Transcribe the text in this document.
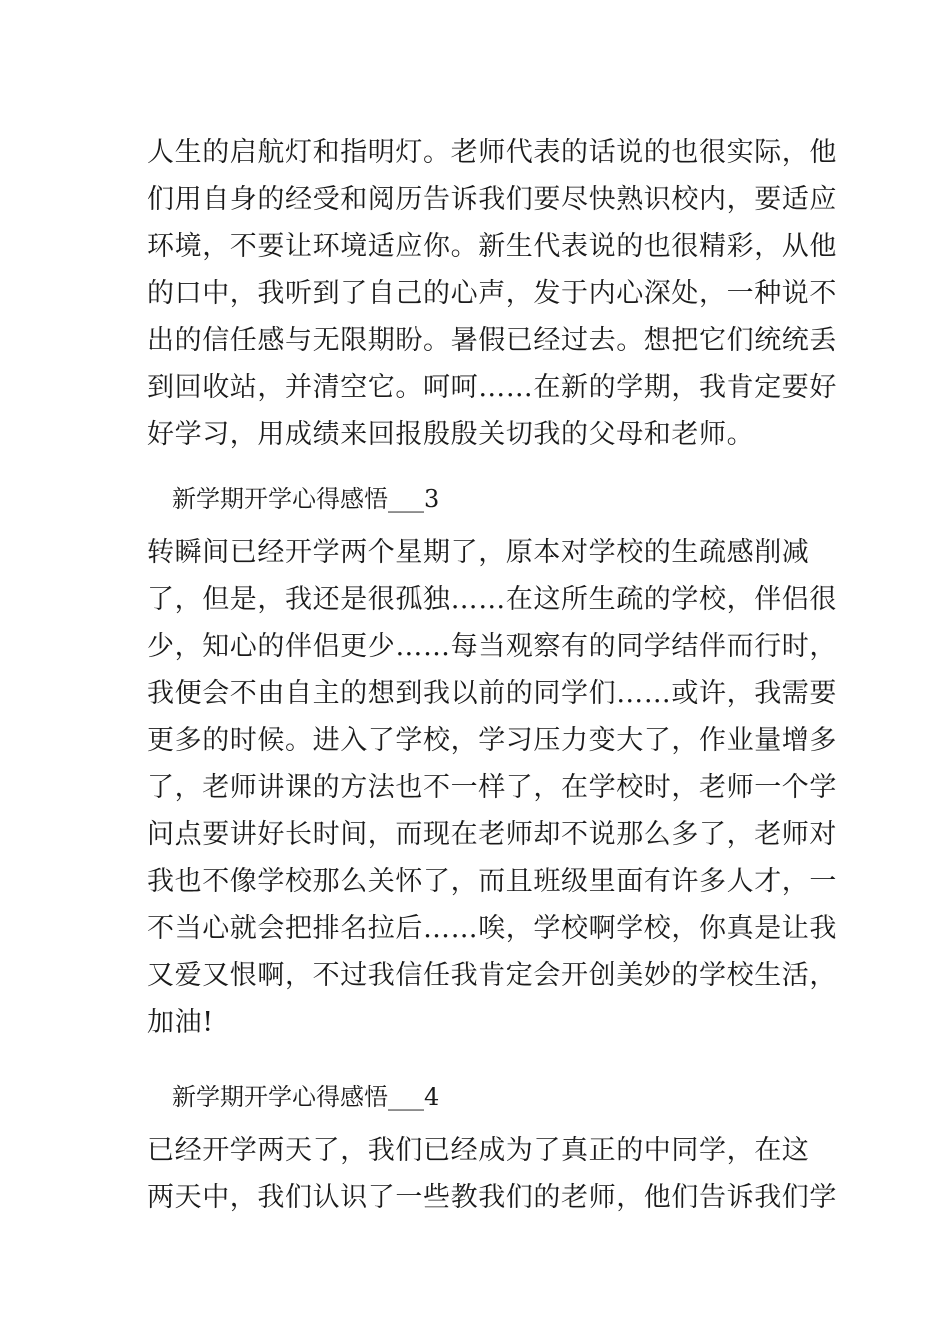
人生的启航灯和指明灯。老师代表的话说的也很实际，他

们用自身的经受和阅历告诉我们要尽快熟识校内，要适应

环境，不要让环境适应你。新生代表说的也很精彩，从他

的口中，我听到了自己的心声，发于内心深处，一种说不

出的信任感与无限期盼。暑假已经过去。想把它们统统丢

到回收站，并清空它。呵呵……在新的学期，我肯定要好

好学习，用成绩来回报殷殷关切我的父母和老师。

新学期开学心得感悟___3

转瞬间已经开学两个星期了，原本对学校的生疏感削减

了，但是，我还是很孤独……在这所生疏的学校，伴侣很

少，知心的伴侣更少……每当观察有的同学结伴而行时，

我便会不由自主的想到我以前的同学们……或许，我需要

更多的时候。进入了学校，学习压力变大了，作业量增多

了，老师讲课的方法也不一样了，在学校时，老师一个学

问点要讲好长时间，而现在老师却不说那么多了，老师对

我也不像学校那么关怀了，而且班级里面有许多人才，一

不当心就会把排名拉后……唉，学校啊学校，你真是让我

又爱又恨啊，不过我信任我肯定会开创美妙的学校生活，

加油!

新学期开学心得感悟___4

已经开学两天了，我们已经成为了真正的中同学，在这

两天中，我们认识了一些教我们的老师，他们告诉我们学
